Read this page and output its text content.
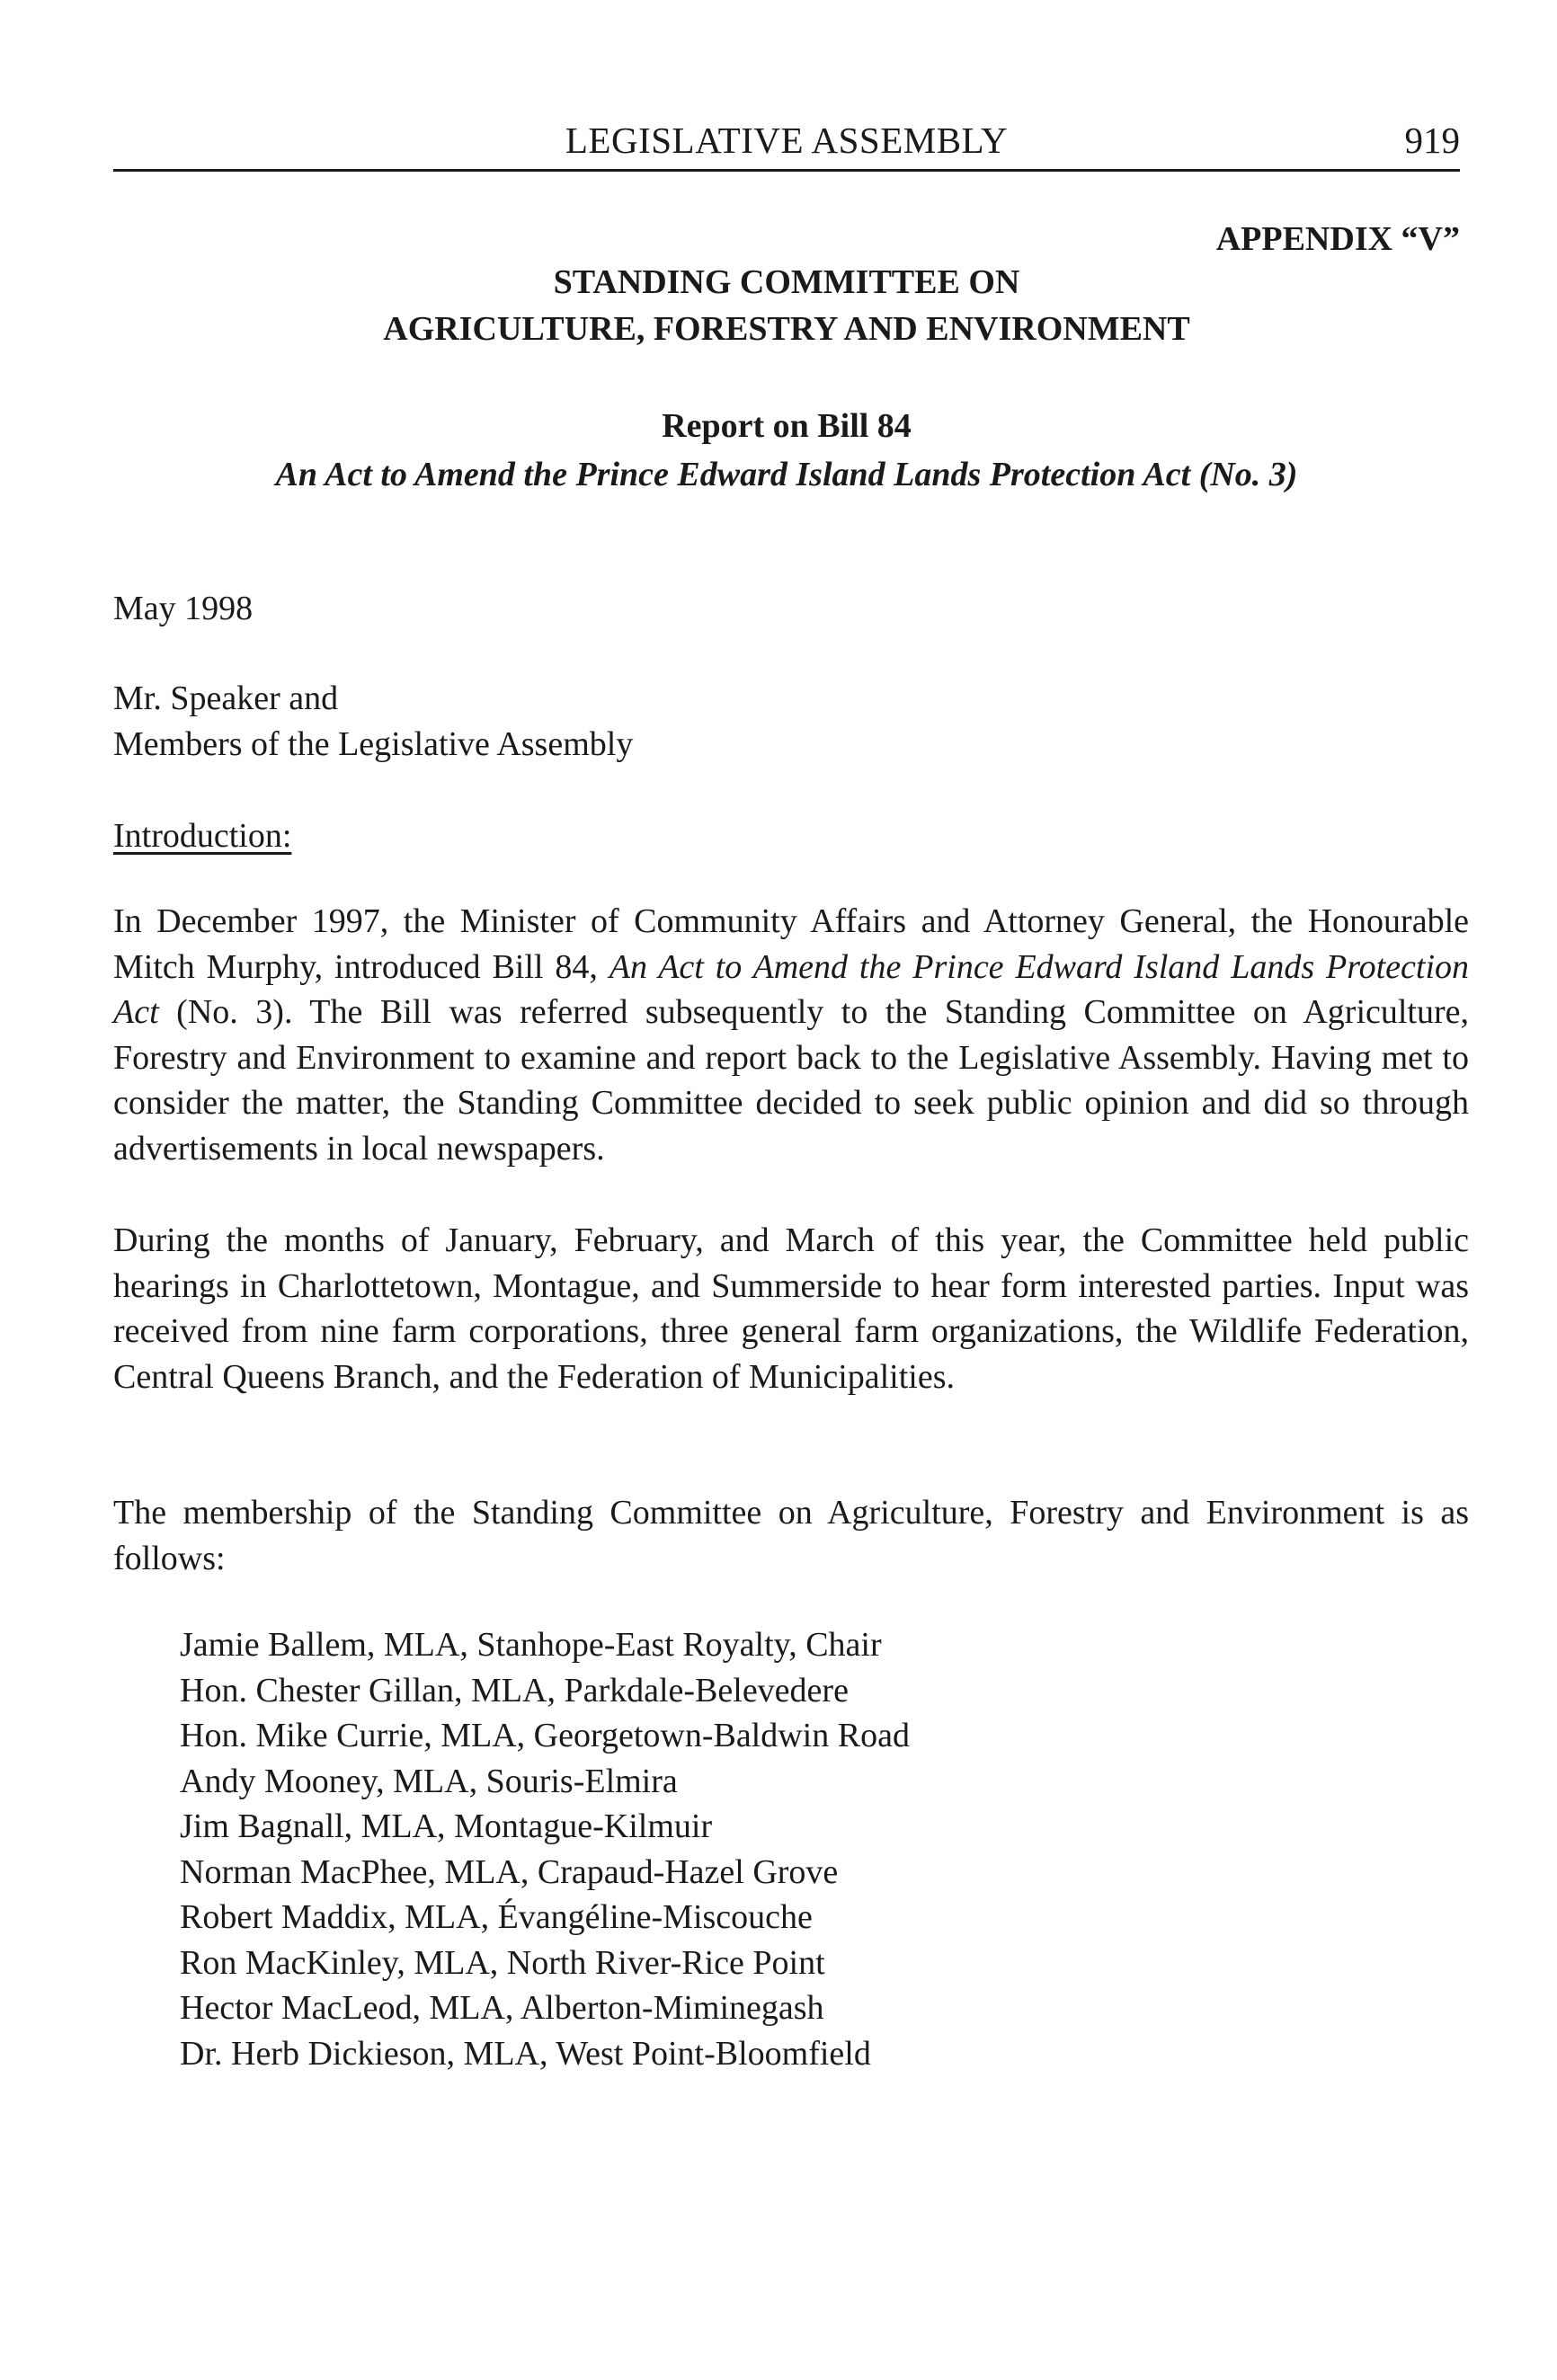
LEGISLATIVE ASSEMBLY	919
APPENDIX “V”
STANDING COMMITTEE ON
AGRICULTURE, FORESTRY AND ENVIRONMENT
Report on Bill 84
An Act to Amend the Prince Edward Island Lands Protection Act (No. 3)
May 1998
Mr. Speaker and
Members of the Legislative Assembly
Introduction:

In December 1997, the Minister of Community Affairs and Attorney General, the Honourable Mitch Murphy, introduced Bill 84, An Act to Amend the Prince Edward Island Lands Protection Act (No. 3). The Bill was referred subsequently to the Standing Committee on Agriculture, Forestry and Environment to examine and report back to the Legislative Assembly. Having met to consider the matter, the Standing Committee decided to seek public opinion and did so through advertisements in local newspapers.

During the months of January, February, and March of this year, the Committee held public hearings in Charlottetown, Montague, and Summerside to hear form interested parties. Input was received from nine farm corporations, three general farm organizations, the Wildlife Federation, Central Queens Branch, and the Federation of Municipalities.

The membership of the Standing Committee on Agriculture, Forestry and Environment is as follows:

Jamie Ballem, MLA, Stanhope-East Royalty, Chair
Hon. Chester Gillan, MLA, Parkdale-Belevedere
Hon. Mike Currie, MLA, Georgetown-Baldwin Road
Andy Mooney, MLA, Souris-Elmira
Jim Bagnall, MLA, Montague-Kilmuir
Norman MacPhee, MLA, Crapaud-Hazel Grove
Robert Maddix, MLA, Évangéline-Miscouche
Ron MacKinley, MLA, North River-Rice Point
Hector MacLeod, MLA, Alberton-Miminegash
Dr. Herb Dickieson, MLA, West Point-Bloomfield
